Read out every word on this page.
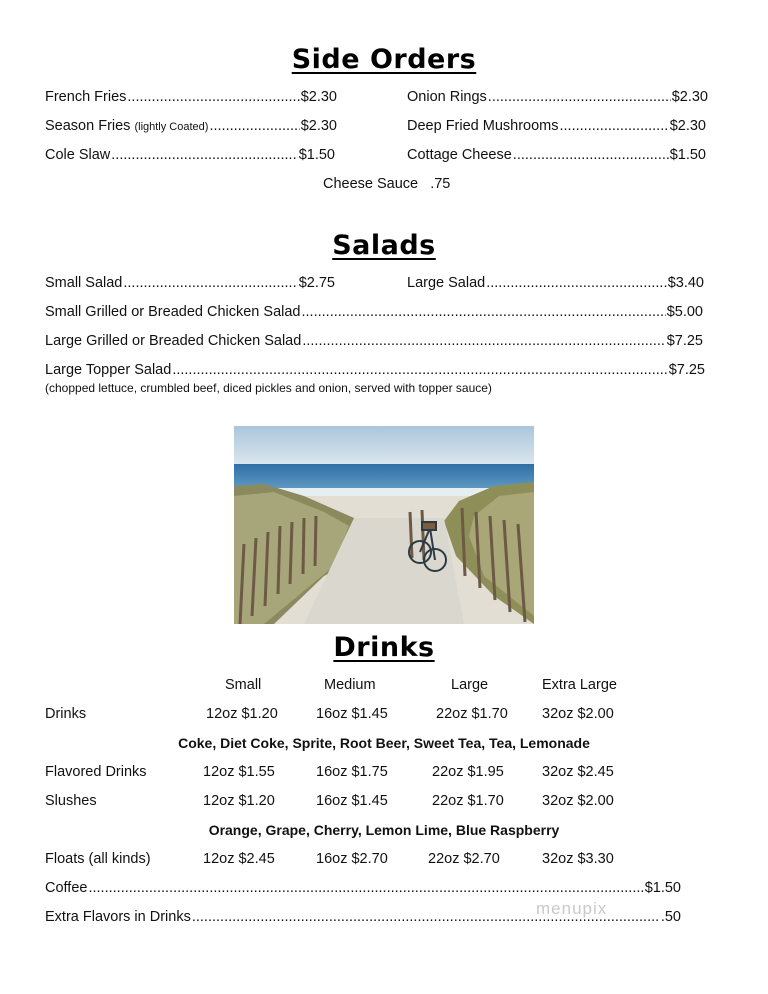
Side Orders
French Fries .....	$2.30
Season Fries (lightly Coated) .....	$2.30
Cole Slaw .....	$1.50
Onion Rings .....	$2.30
Deep Fried Mushrooms .....	$2.30
Cottage Cheese .....	$1.50
Cheese Sauce .75
Salads
Small Salad .....	$2.75	Large Salad .....	$3.40
Small Grilled or Breaded Chicken Salad .....	$5.00
Large Grilled or Breaded Chicken Salad .....	$7.25
Large Topper Salad .....	$7.25
(chopped lettuce, crumbled beef, diced pickles and onion, served with topper sauce)
Drinks
Small	Medium	Large	Extra Large
Drinks	12oz $1.20	16oz $1.45	22oz $1.70 32oz $2.00
Coke, Diet Coke, Sprite, Root Beer, Sweet Tea, Tea, Lemonade
Flavored Drinks	12oz $1.55	16oz $1.75	22oz $1.95	32oz $2.45
Slushes	12oz $1.20	16oz $1.45	22oz $1.70	32oz $2.00
Orange, Grape, Cherry, Lemon Lime, Blue Raspberry
Floats (all kinds)	12oz $2.45	16oz $2.70	22oz $2.70	32oz $3.30
Coffee .....	$1.50
Extra Flavors in Drinks .....	.50
menupix
